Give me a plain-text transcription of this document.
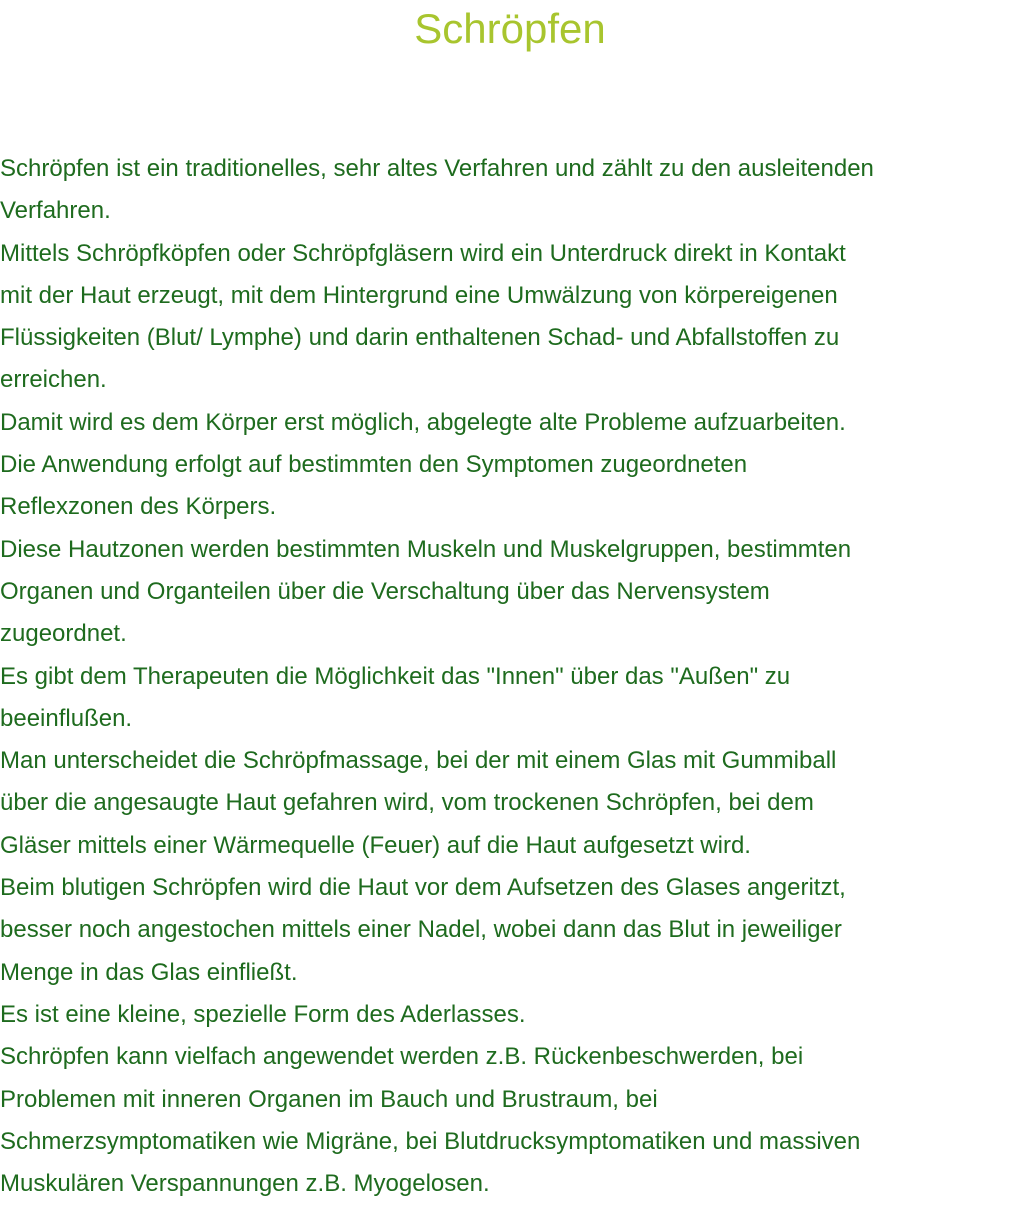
Schröpfen

Schröpfen ist ein traditionelles, sehr altes Verfahren und zählt zu den ausleitenden

Verfahren.

Mittels Schröpfköpfen oder Schröpfgläsern wird ein Unterdruck direkt in Kontakt

mit der Haut erzeugt, mit dem Hintergrund eine Umwälzung von körpereigenen

Flüssigkeiten (Blut/ Lymphe) und darin enthaltenen Schad- und Abfallstoffen zu

erreichen.

Damit wird es dem Körper erst möglich, abgelegte alte Probleme aufzuarbeiten.

Die Anwendung erfolgt auf bestimmten den Symptomen zugeordneten

Reflexzonen des Körpers.

Diese Hautzonen werden bestimmten Muskeln und Muskelgruppen, bestimmten

Organen und Organteilen über die Verschaltung über das Nervensystem

zugeordnet.

Es gibt dem Therapeuten die Möglichkeit das "Innen" über das "Außen" zu

beeinflußen.

Man unterscheidet die Schröpfmassage, bei der mit einem Glas mit Gummiball

über die angesaugte Haut gefahren wird, vom trockenen Schröpfen, bei dem

Gläser mittels einer Wärmequelle (Feuer) auf die Haut aufgesetzt wird.

Beim blutigen Schröpfen wird die Haut vor dem Aufsetzen des Glases angeritzt,

besser noch angestochen mittels einer Nadel, wobei dann das Blut in jeweiliger

Menge in das Glas einfließt.

Es ist eine kleine, spezielle Form des Aderlasses.

Schröpfen kann vielfach angewendet werden z.B. Rückenbeschwerden, bei

Problemen mit inneren Organen im Bauch und Brustraum, bei

Schmerzsymptomatiken wie Migräne, bei Blutdrucksymptomatiken und massiven

Muskulären Verspannungen z.B. Myogelosen.
